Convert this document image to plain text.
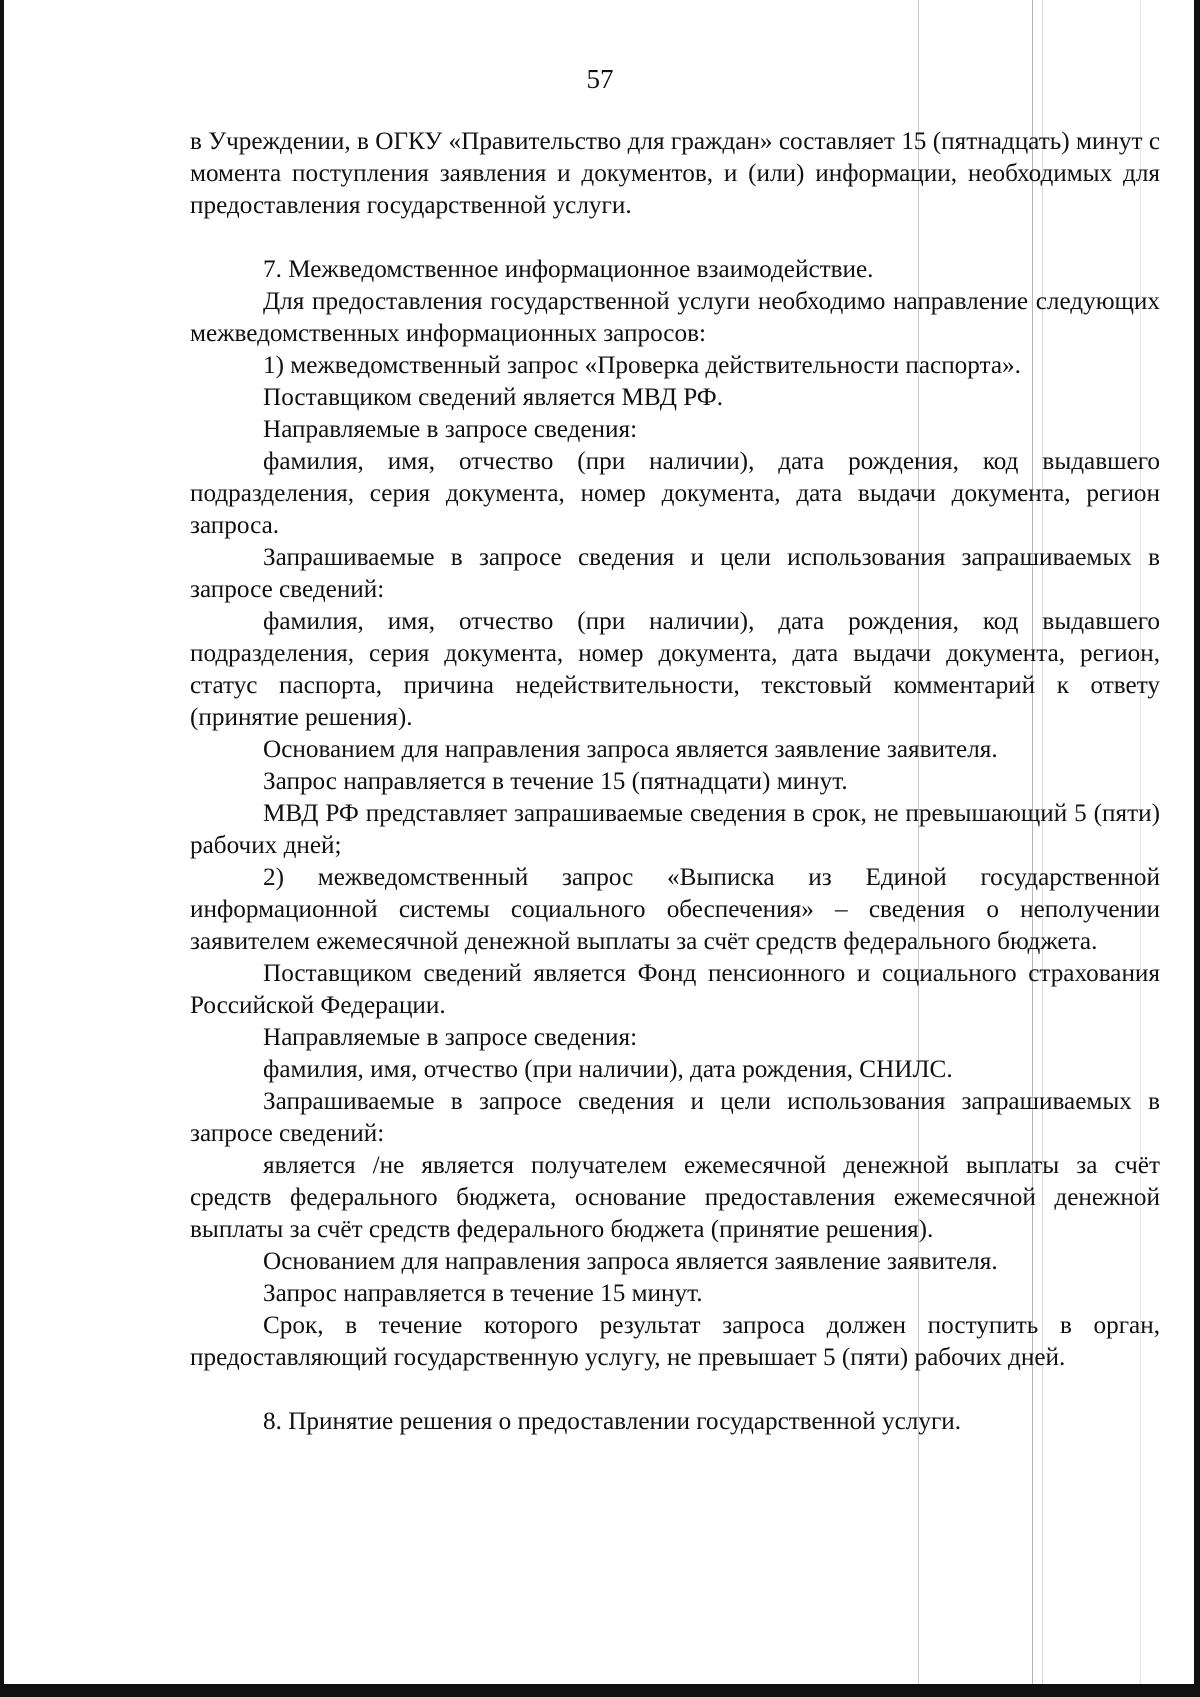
57

в Учреждении, в ОГКУ «Правительство для граждан» составляет 15 (пятнадцать) минут с момента поступления заявления и документов, и (или) информации, необходимых для предоставления государственной услуги.

7. Межведомственное информационное взаимодействие.

Для предоставления государственной услуги необходимо направление следующих межведомственных информационных запросов:

1) межведомственный запрос «Проверка действительности паспорта».

Поставщиком сведений является МВД РФ.

Направляемые в запросе сведения:

фамилия, имя, отчество (при наличии), дата рождения, код выдавшего подразделения, серия документа, номер документа, дата выдачи документа, регион запроса.

Запрашиваемые в запросе сведения и цели использования запрашиваемых в запросе сведений:

фамилия, имя, отчество (при наличии), дата рождения, код выдавшего подразделения, серия документа, номер документа, дата выдачи документа, регион, статус паспорта, причина недействительности, текстовый комментарий к ответу (принятие решения).

Основанием для направления запроса является заявление заявителя.

Запрос направляется в течение 15 (пятнадцати) минут.

МВД РФ представляет запрашиваемые сведения в срок, не превышающий 5 (пяти) рабочих дней;

2) межведомственный запрос «Выписка из Единой государственной информационной системы социального обеспечения» – сведения о неполучении заявителем ежемесячной денежной выплаты за счёт средств федерального бюджета.

Поставщиком сведений является Фонд пенсионного и социального страхования Российской Федерации.

Направляемые в запросе сведения:

фамилия, имя, отчество (при наличии), дата рождения, СНИЛС.

Запрашиваемые в запросе сведения и цели использования запрашиваемых в запросе сведений:

является /не является получателем ежемесячной денежной выплаты за счёт средств федерального бюджета, основание предоставления ежемесячной денежной выплаты за счёт средств федерального бюджета (принятие решения).

Основанием для направления запроса является заявление заявителя.

Запрос направляется в течение 15 минут.

Срок, в течение которого результат запроса должен поступить в орган, предоставляющий государственную услугу, не превышает 5 (пяти) рабочих дней.

8. Принятие решения о предоставлении государственной услуги.
